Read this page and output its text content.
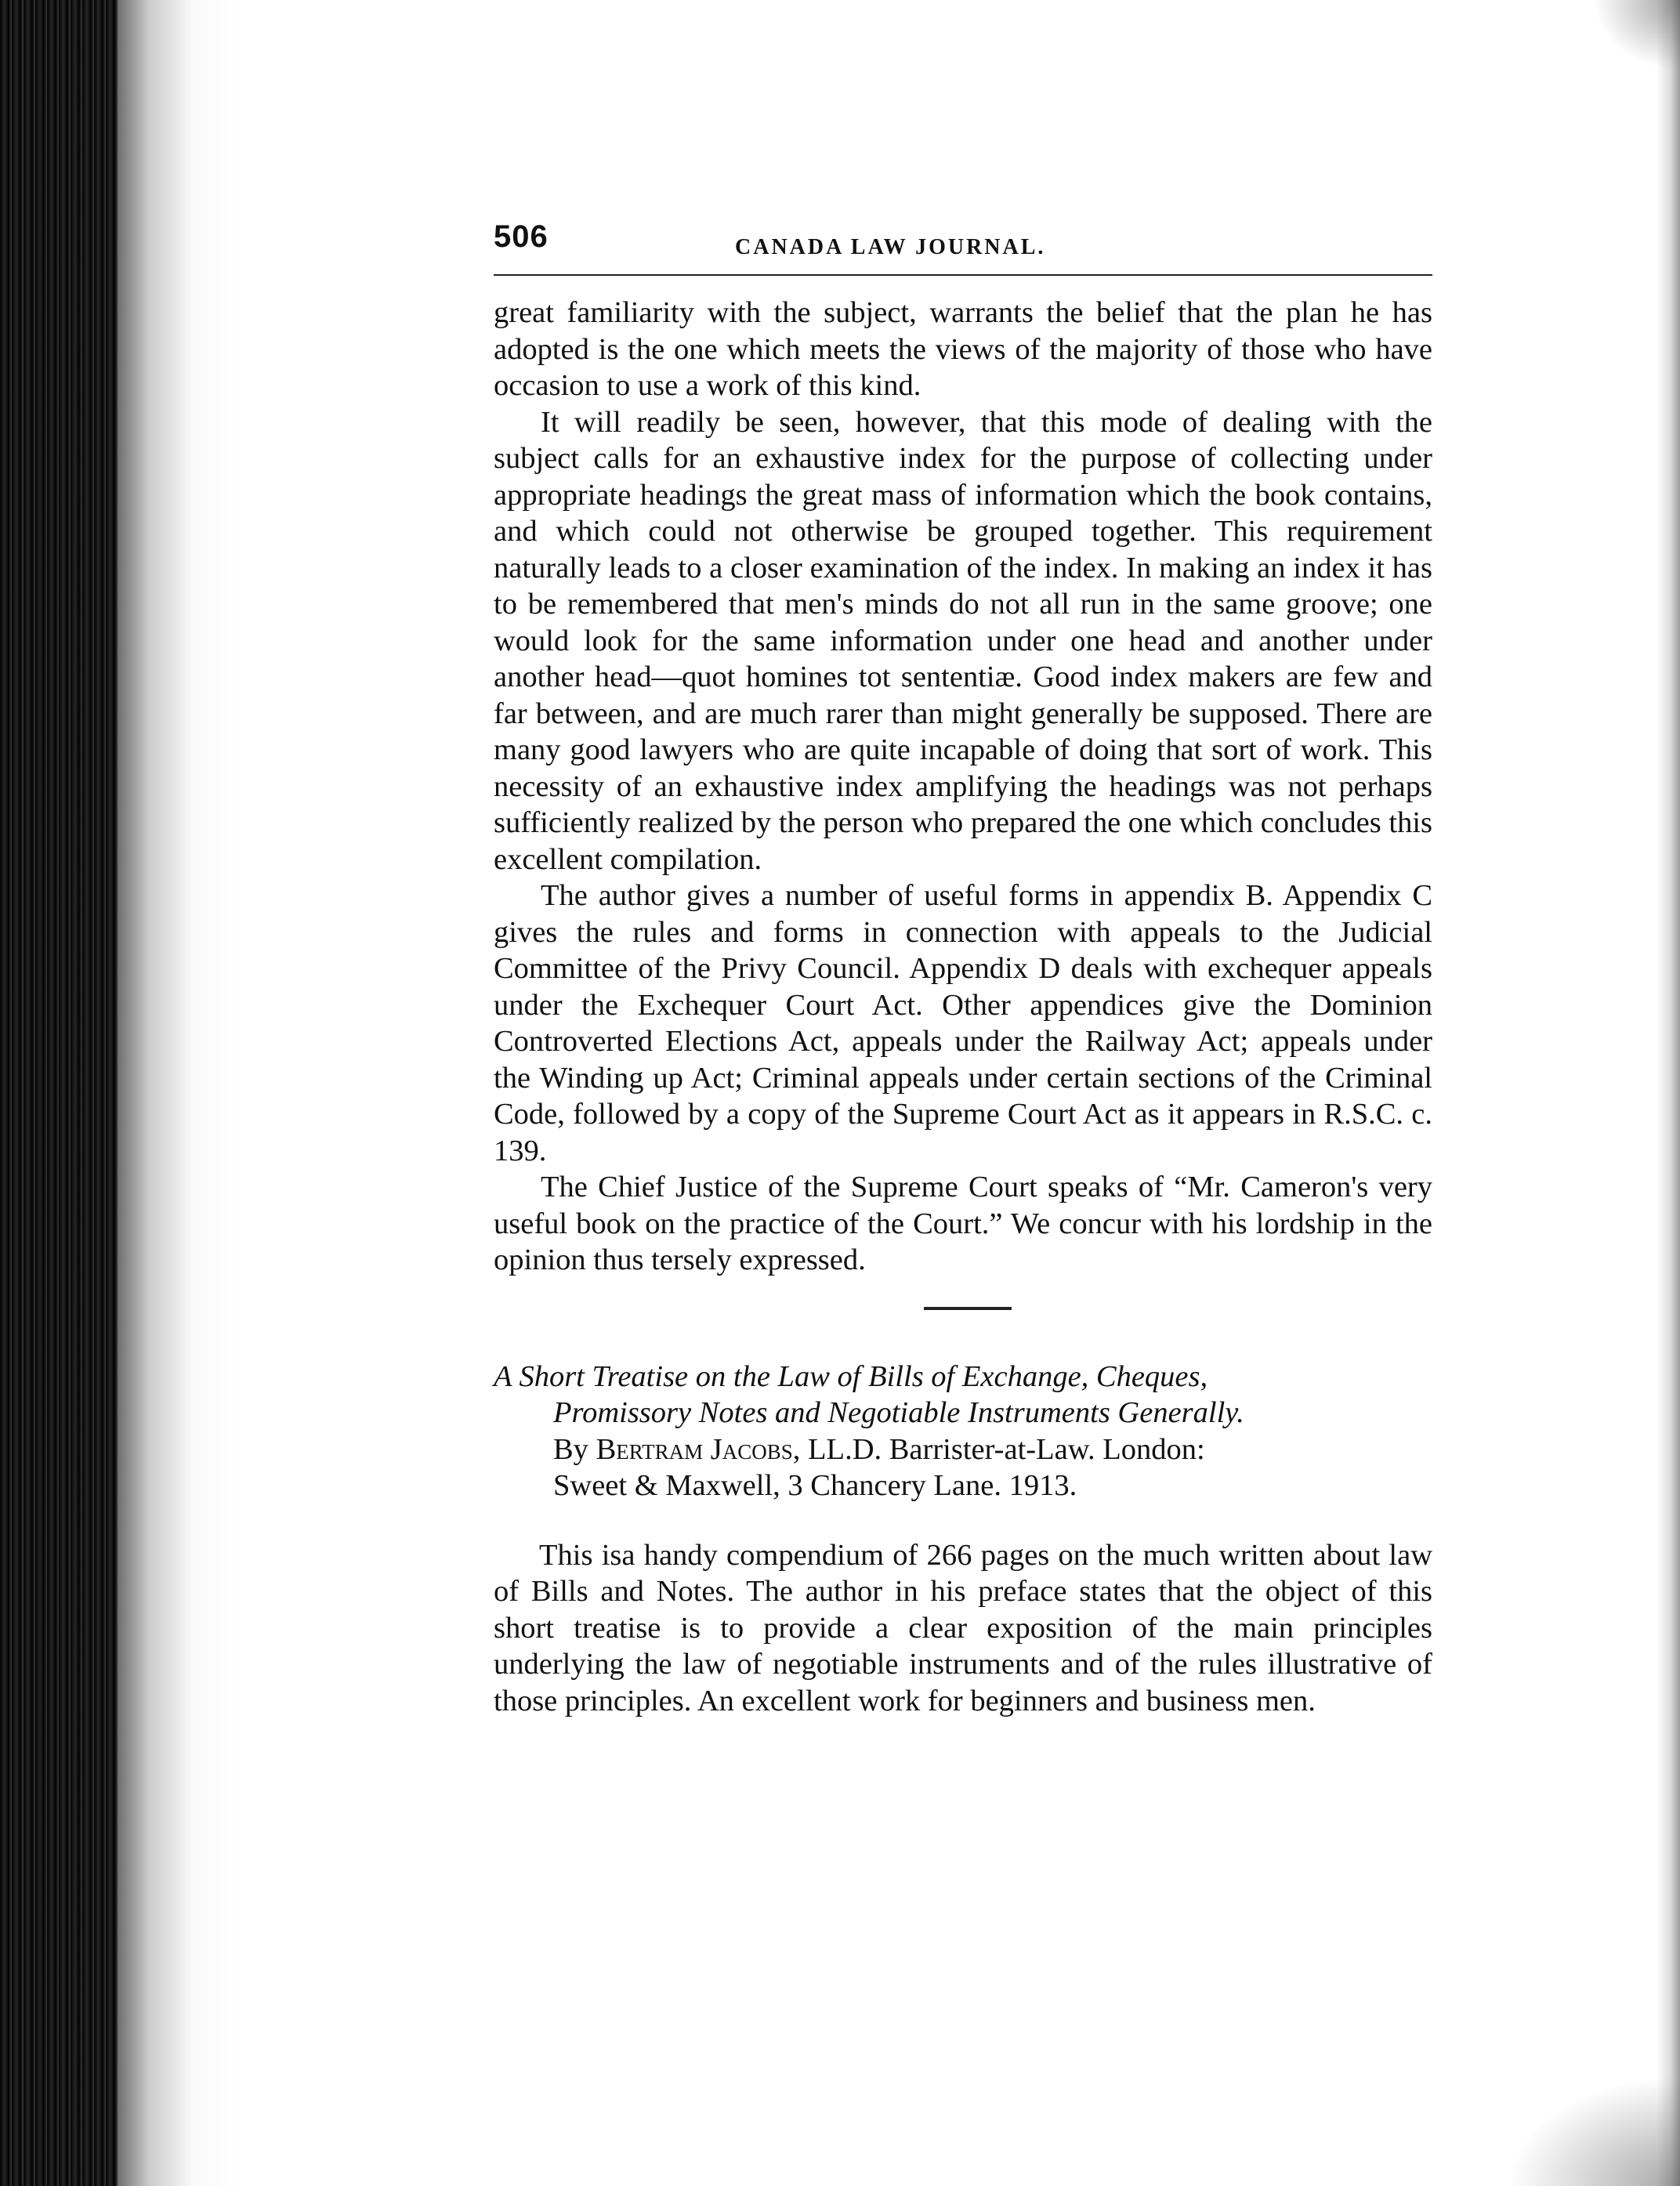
506	CANADA LAW JOURNAL.

great familiarity with the subject, warrants the belief that the plan he has adopted is the one which meets the views of the majority of those who have occasion to use a work of this kind.

It will readily be seen, however, that this mode of dealing with the subject calls for an exhaustive index for the purpose of collecting under appropriate headings the great mass of information which the book contains, and which could not otherwise be grouped together. This requirement naturally leads to a closer examination of the index. In making an index it has to be remembered that men's minds do not all run in the same groove; one would look for the same information under one head and another under another head—quot homines tot sententiæ. Good index makers are few and far between, and are much rarer than might generally be supposed. There are many good lawyers who are quite incapable of doing that sort of work. This necessity of an exhaustive index amplifying the headings was not perhaps sufficiently realized by the person who prepared the one which concludes this excellent compilation.

The author gives a number of useful forms in appendix B. Appendix C gives the rules and forms in connection with appeals to the Judicial Committee of the Privy Council. Appendix D deals with exchequer appeals under the Exchequer Court Act. Other appendices give the Dominion Controverted Elections Act, appeals under the Railway Act; appeals under the Winding up Act; Criminal appeals under certain sections of the Criminal Code, followed by a copy of the Supreme Court Act as it appears in R.S.C. c. 139.

The Chief Justice of the Supreme Court speaks of “Mr. Cameron's very useful book on the practice of the Court.” We concur with his lordship in the opinion thus tersely expressed.

A Short Treatise on the Law of Bills of Exchange, Cheques,
Promissory Notes and Negotiable Instruments Generally.
By Bertram Jacobs, LL.D. Barrister-at-Law. London:
Sweet & Maxwell, 3 Chancery Lane. 1913.

This isa handy compendium of 266 pages on the much written about law of Bills and Notes. The author in his preface states that the object of this short treatise is to provide a clear exposition of the main principles underlying the law of negotiable instruments and of the rules illustrative of those principles. An excellent work for beginners and business men.
